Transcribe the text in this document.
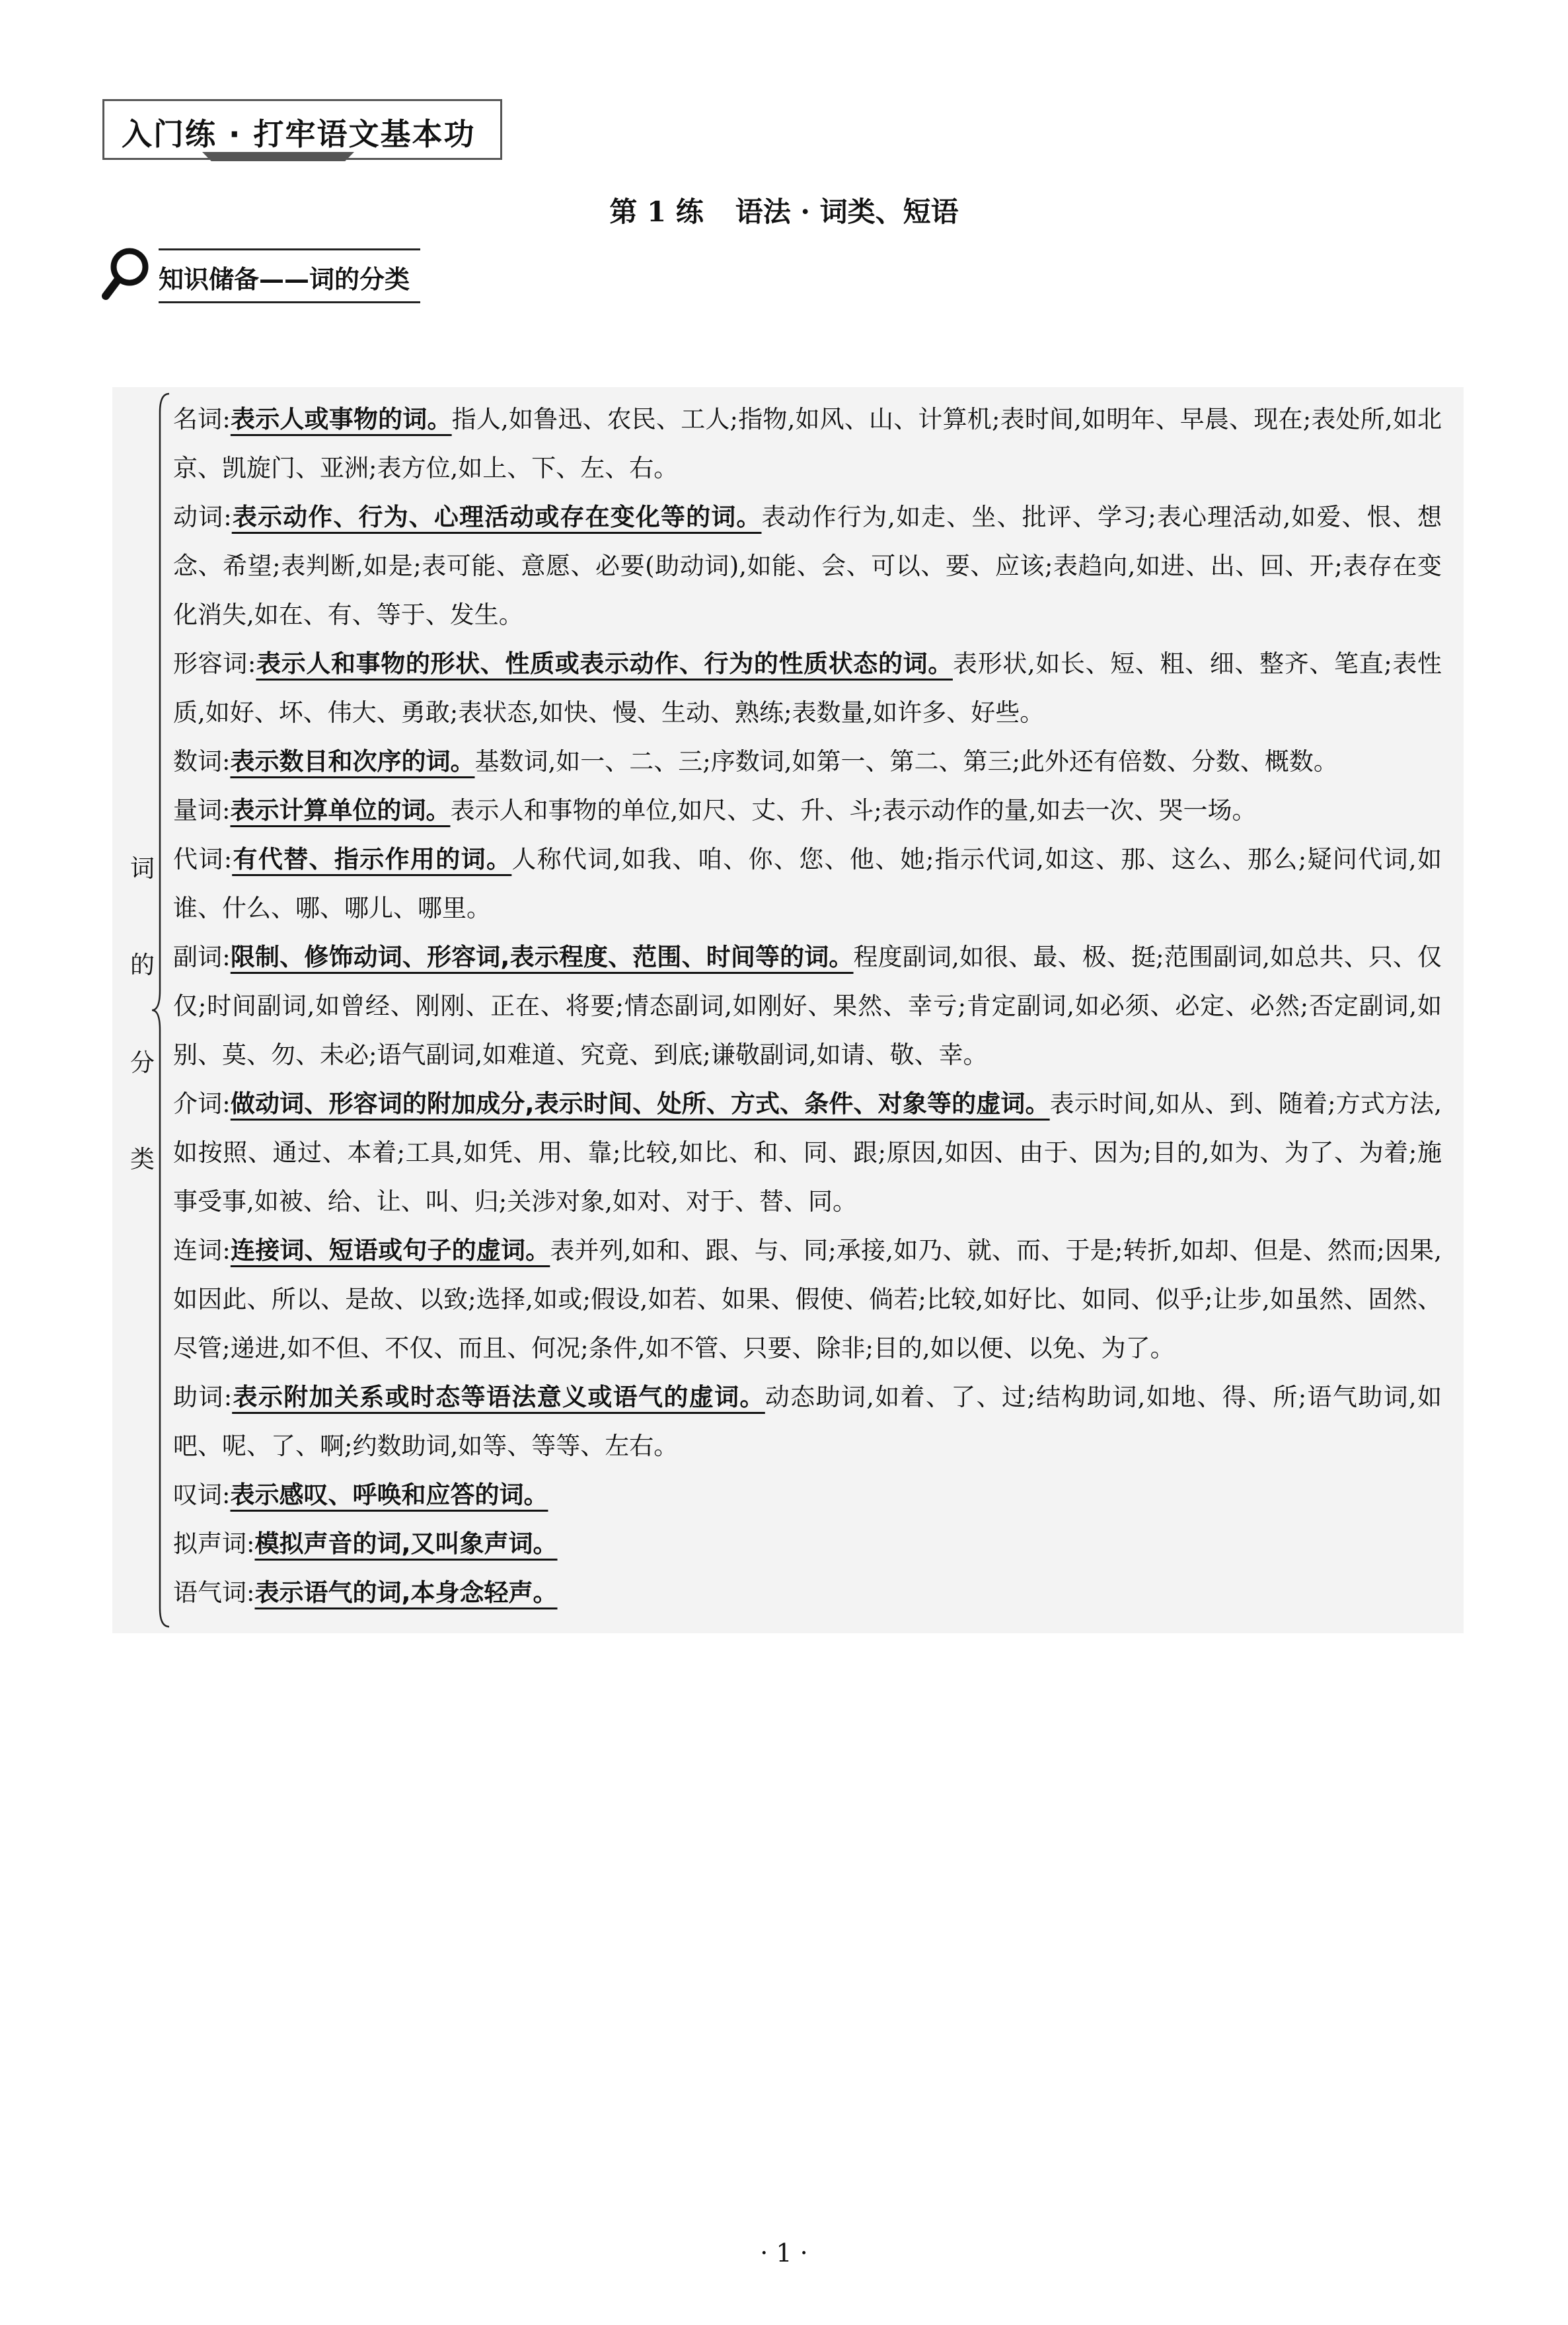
入门练 · 打牢语文基本功
第 1 练 语法 · 词类、短语
知识储备——词的分类
词
的
分
类
名词:表示人或事物的词。指人,如鲁迅、农民、工人;指物,如风、山、计算机;表时间,如明年、早晨、现在;表处所,如北京、凯旋门、亚洲;表方位,如上、下、左、右。
动词:表示动作、行为、心理活动或存在变化等的词。表动作行为,如走、坐、批评、学习;表心理活动,如爱、恨、想念、希望;表判断,如是;表可能、意愿、必要(助动词),如能、会、可以、要、应该;表趋向,如进、出、回、开;表存在变化消失,如在、有、等于、发生。
形容词:表示人和事物的形状、性质或表示动作、行为的性质状态的词。表形状,如长、短、粗、细、整齐、笔直;表性质,如好、坏、伟大、勇敢;表状态,如快、慢、生动、熟练;表数量,如许多、好些。
数词:表示数目和次序的词。基数词,如一、二、三;序数词,如第一、第二、第三;此外还有倍数、分数、概数。
量词:表示计算单位的词。表示人和事物的单位,如尺、丈、升、斗;表示动作的量,如去一次、哭一场。
代词:有代替、指示作用的词。人称代词,如我、咱、你、您、他、她;指示代词,如这、那、这么、那么;疑问代词,如谁、什么、哪、哪儿、哪里。
副词:限制、修饰动词、形容词,表示程度、范围、时间等的词。程度副词,如很、最、极、挺;范围副词,如总共、只、仅仅;时间副词,如曾经、刚刚、正在、将要;情态副词,如刚好、果然、幸亏;肯定副词,如必须、必定、必然;否定副词,如别、莫、勿、未必;语气副词,如难道、究竟、到底;谦敬副词,如请、敬、幸。
介词:做动词、形容词的附加成分,表示时间、处所、方式、条件、对象等的虚词。表示时间,如从、到、随着;方式方法,如按照、通过、本着;工具,如凭、用、靠;比较,如比、和、同、跟;原因,如因、由于、因为;目的,如为、为了、为着;施事受事,如被、给、让、叫、归;关涉对象,如对、对于、替、同。
连词:连接词、短语或句子的虚词。表并列,如和、跟、与、同;承接,如乃、就、而、于是;转折,如却、但是、然而;因果,如因此、所以、是故、以致;选择,如或;假设,如若、如果、假使、倘若;比较,如好比、如同、似乎;让步,如虽然、固然、尽管;递进,如不但、不仅、而且、何况;条件,如不管、只要、除非;目的,如以便、以免、为了。
助词:表示附加关系或时态等语法意义或语气的虚词。动态助词,如着、了、过;结构助词,如地、得、所;语气助词,如吧、呢、了、啊;约数助词,如等、等等、左右。
叹词:表示感叹、呼唤和应答的词。
拟声词:模拟声音的词,又叫象声词。
语气词:表示语气的词,本身念轻声。
· 1 ·
